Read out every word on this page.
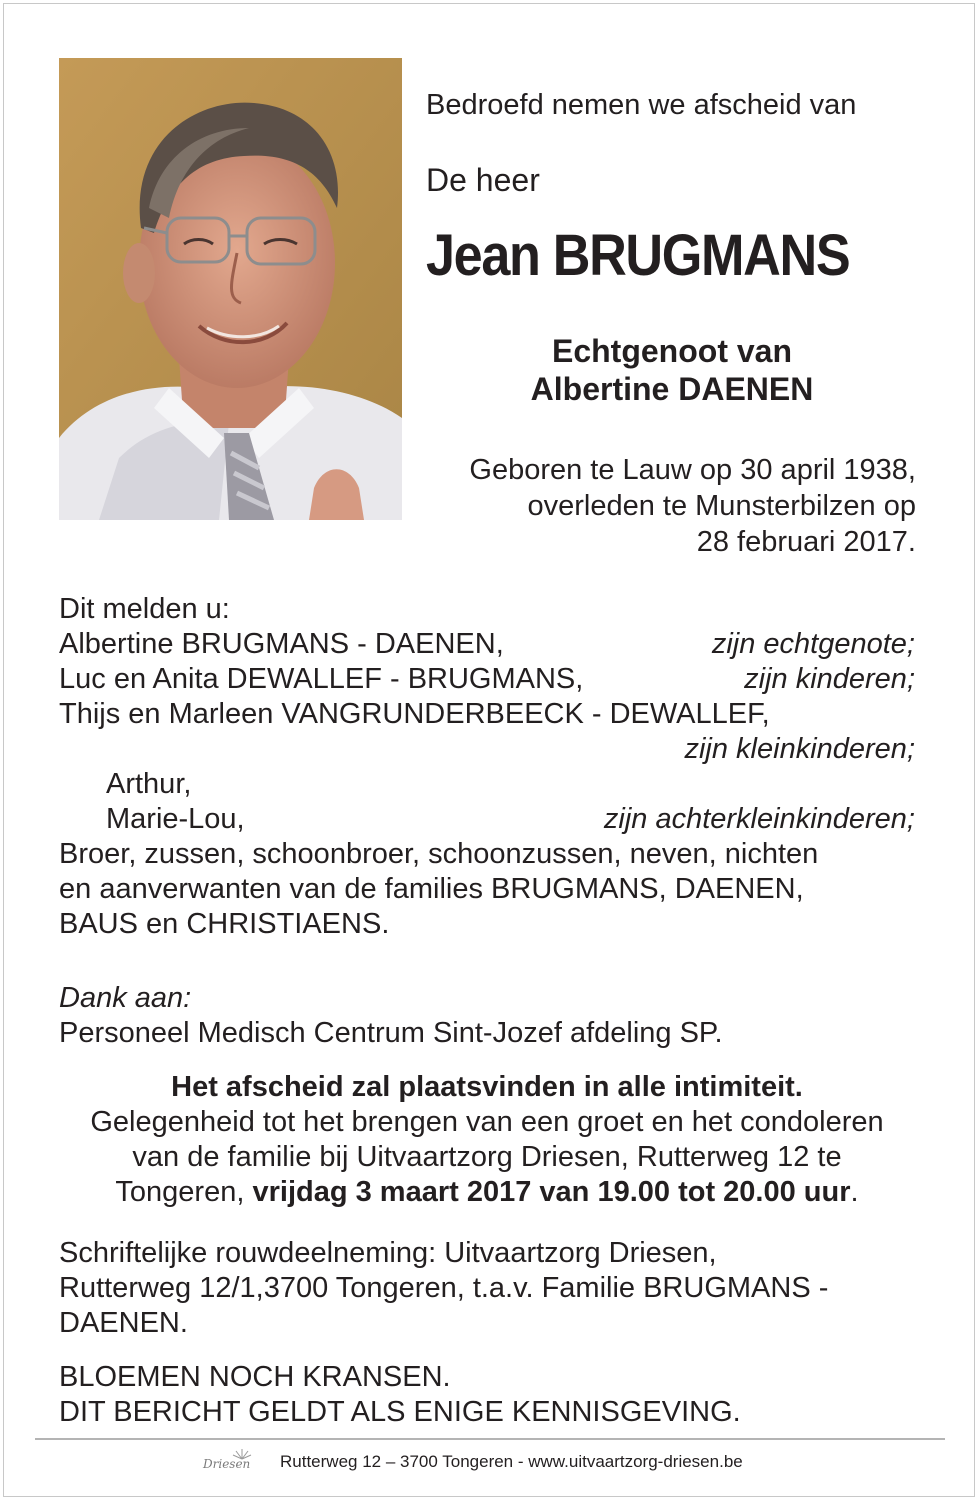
Bedroefd nemen we afscheid van
De heer
Jean BRUGMANS
Echtgenoot van
Albertine DAENEN
Geboren te Lauw op 30 april 1938,
overleden te Munsterbilzen op
28 februari 2017.
Dit melden u:
Albertine BRUGMANS - DAENEN,	zijn echtgenote;
Luc en Anita DEWALLEF - BRUGMANS,	zijn kinderen;
Thijs en Marleen VANGRUNDERBEECK - DEWALLEF,
zijn kleinkinderen;
Arthur,
Marie-Lou,	zijn achterkleinkinderen;
Broer, zussen, schoonbroer, schoonzussen, neven, nichten
en aanverwanten van de families BRUGMANS, DAENEN,
BAUS en CHRISTIAENS.
Dank aan:
Personeel Medisch Centrum Sint-Jozef afdeling SP.
Het afscheid zal plaatsvinden in alle intimiteit.
Gelegenheid tot het brengen van een groet en het condoleren
van de familie bij Uitvaartzorg Driesen, Rutterweg 12 te
Tongeren, vrijdag 3 maart 2017 van 19.00 tot 20.00 uur.
Schriftelijke rouwdeelneming: Uitvaartzorg Driesen,
Rutterweg 12/1,3700 Tongeren, t.a.v. Familie BRUGMANS -
DAENEN.
BLOEMEN NOCH KRANSEN.
DIT BERICHT GELDT ALS ENIGE KENNISGEVING.
Driesen Rutterweg 12 – 3700 Tongeren - www.uitvaartzorg-driesen.be
